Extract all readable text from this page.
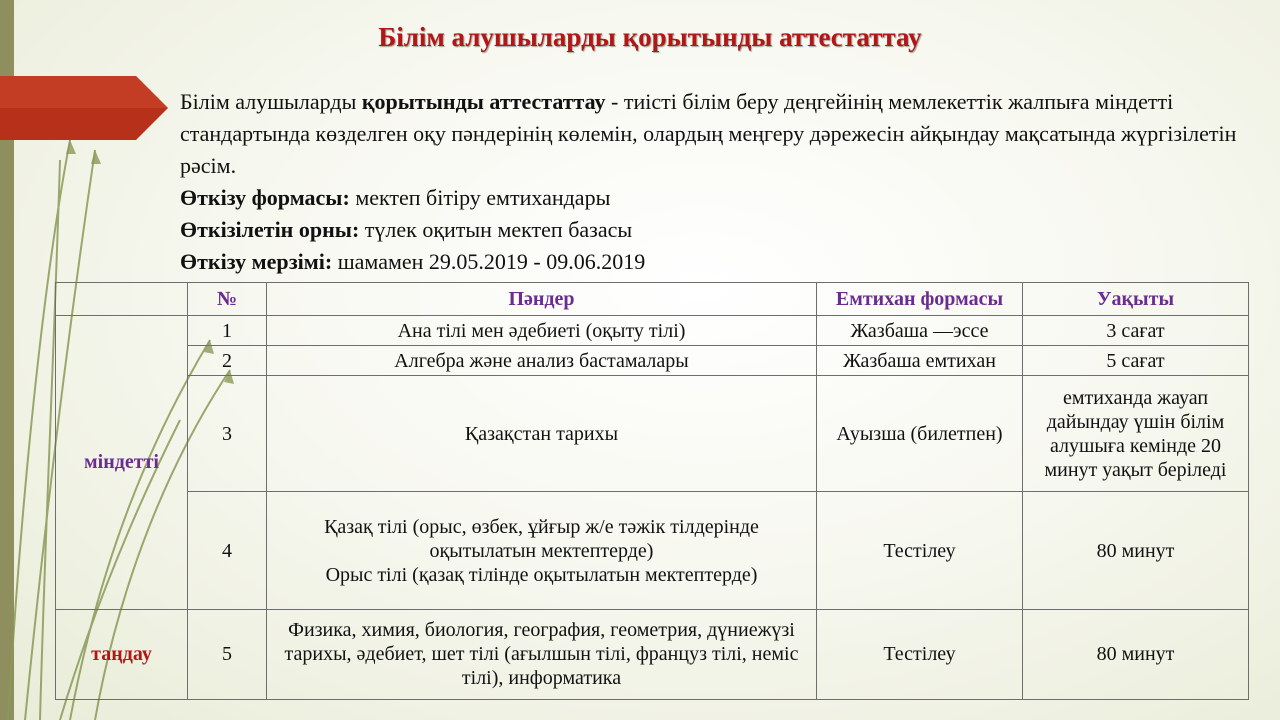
Білім алушыларды қорытынды аттестаттау

Білім алушыларды қорытынды аттестаттау - тиісті білім беру деңгейінің мемлекеттік жалпыға міндетті стандартында көзделген оқу пәндерінің көлемін, олардың меңгеру дәрежесін айқындау мақсатында жүргізілетін рәсім.

Өткізу формасы: мектеп бітіру емтихандары

Өткізілетін орны: түлек оқитын мектеп базасы

Өткізу мерзімі: шамамен 29.05.2019 - 09.06.2019

	№	Пәндер	Емтихан формасы	Уақыты
міндетті	1	Ана тілі мен әдебиеті (оқыту тілі)	Жазбаша —эссе	3 сағат
	2	Алгебра және анализ бастамалары	Жазбаша емтихан	5 сағат
	3	Қазақстан тарихы	Ауызша (билетпен)	емтиханда жауап дайындау үшін білім алушыға кемінде 20 минут уақыт беріледі
	4	Қазақ тілі (орыс, өзбек, ұйғыр ж/е тәжік тілдерінде оқытылатын мектептерде)
Орыс тілі (қазақ тілінде оқытылатын мектептерде)	Тестілеу	80 минут
таңдау	5	Физика, химия, биология, география, геометрия, дүниежүзі тарихы, әдебиет, шет тілі (ағылшын тілі, француз тілі, неміс тілі), информатика	Тестілеу	80 минут
